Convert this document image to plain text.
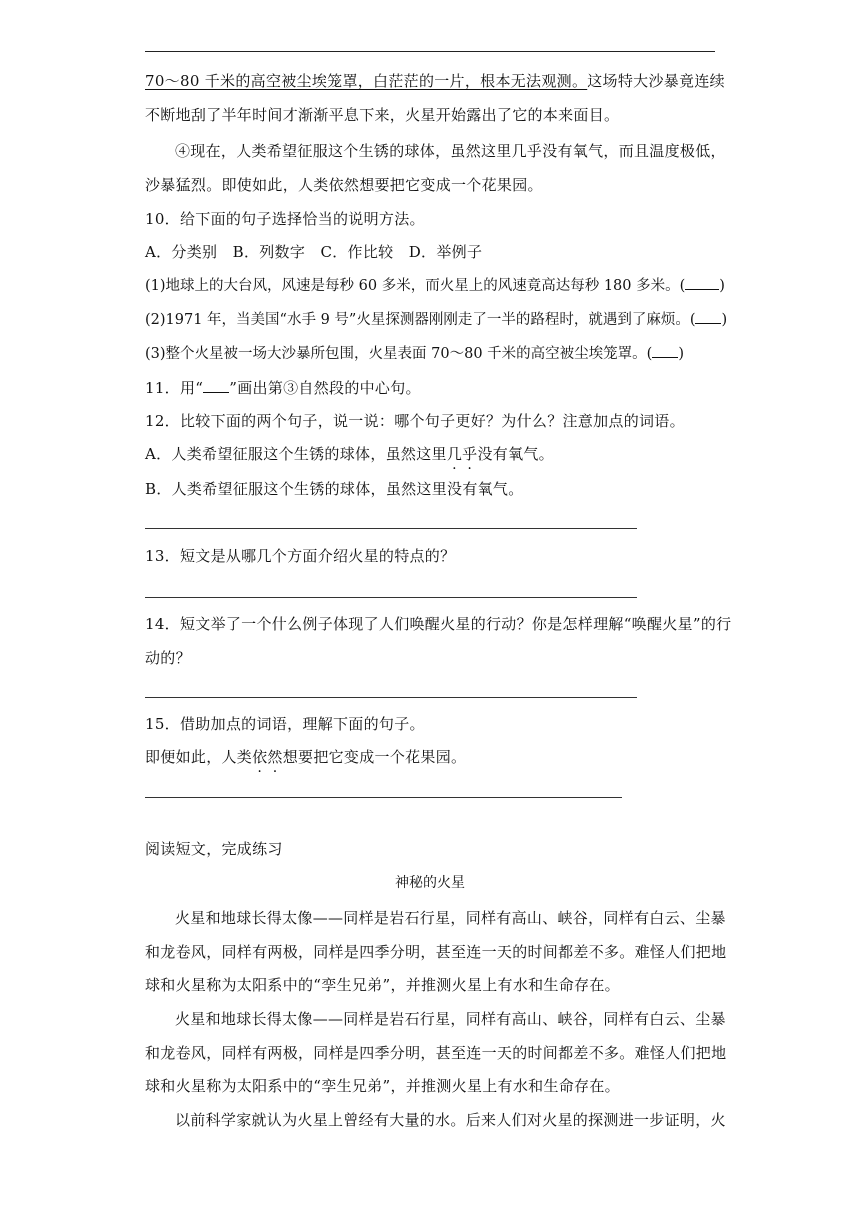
70～80 千米的高空被尘埃笼罩，白茫茫的一片，根本无法观测。这场特大沙暴竟连续
不断地刮了半年时间才渐渐平息下来，火星开始露出了它的本来面目。
④现在，人类希望征服这个生锈的球体，虽然这里几乎没有氧气，而且温度极低，
沙暴猛烈。即使如此，人类依然想要把它变成一个花果园。
10．给下面的句子选择恰当的说明方法。
A．分类别　B．列数字　C．作比较　D．举例子
(1)地球上的大台风，风速是每秒 60 多米，而火星上的风速竟高达每秒 180 多米。( )
(2)1971 年，当美国“水手 9 号”火星探测器刚刚走了一半的路程时，就遇到了麻烦。( )
(3)整个火星被一场大沙暴所包围，火星表面 70～80 千米的高空被尘埃笼罩。( )
11．用“ ”画出第③自然段的中心句。
12．比较下面的两个句子，说一说：哪个句子更好？为什么？注意加点的词语。
A．人类希望征服这个生锈的球体，虽然这里几乎没有氧气。
B．人类希望征服这个生锈的球体，虽然这里没有氧气。
13．短文是从哪几个方面介绍火星的特点的？
14．短文举了一个什么例子体现了人们唤醒火星的行动？你是怎样理解“唤醒火星”的行
动的？
15．借助加点的词语，理解下面的句子。
即便如此，人类依然想要把它变成一个花果园。
阅读短文，完成练习
神秘的火星
火星和地球长得太像——同样是岩石行星，同样有高山、峡谷，同样有白云、尘暴
和龙卷风，同样有两极，同样是四季分明，甚至连一天的时间都差不多。难怪人们把地
球和火星称为太阳系中的“孪生兄弟”，并推测火星上有水和生命存在。
火星和地球长得太像——同样是岩石行星，同样有高山、峡谷，同样有白云、尘暴
和龙卷风，同样有两极，同样是四季分明，甚至连一天的时间都差不多。难怪人们把地
球和火星称为太阳系中的“孪生兄弟”，并推测火星上有水和生命存在。
以前科学家就认为火星上曾经有大量的水。后来人们对火星的探测进一步证明，火
